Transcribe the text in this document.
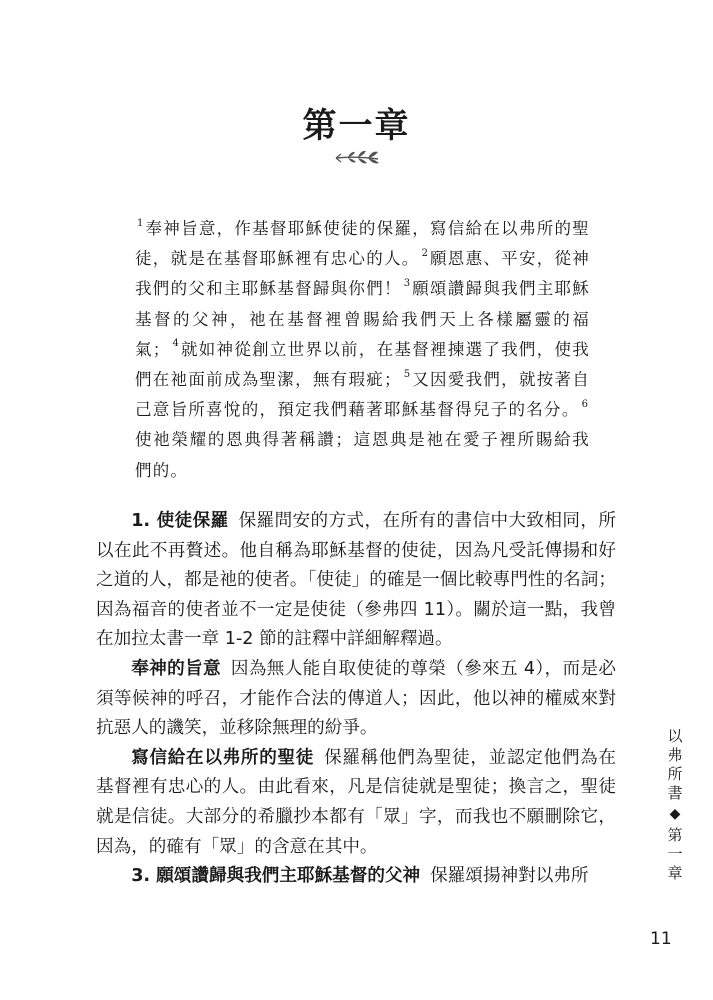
第一章
$^1$ 奉神旨意，作基督耶穌使徒的保羅，寫信給在以弗所的聖徒，就是在基督耶穌裡有忠心的人。 $^2$ 願恩惠、平安，從神我們的父和主耶穌基督歸與你們！ $^3$ 願頌讚歸與我們主耶穌基督的父神，祂在基督裡曾賜給我們天上各樣屬靈的福氣； $^4$ 就如神從創立世界以前，在基督裡揀選了我們，使我們在祂面前成為聖潔，無有瑕疵； $^5$ 又因愛我們，就按著自己意旨所喜悅的，預定我們藉著耶穌基督得兒子的名分。 $^6$使祂榮耀的恩典得著稱讚；這恩典是祂在愛子裡所賜給我們的。

1. 使徒保羅 保羅問安的方式，在所有的書信中大致相同，所以在此不再贅述。他自稱為耶穌基督的使徒，因為凡受託傳揚和好之道的人，都是祂的使者。「使徒」的確是一個比較專門性的名詞；因為福音的使者並不一定是使徒（參弗四 11）。關於這一點，我曾在加拉太書一章 1-2 節的註釋中詳細解釋過。

奉神的旨意 因為無人能自取使徒的尊榮（參來五 4），而是必須等候神的呼召，才能作合法的傳道人；因此，他以神的權威來對抗惡人的譏笑，並移除無理的紛爭。

寫信給在以弗所的聖徒 保羅稱他們為聖徒，並認定他們為在基督裡有忠心的人。由此看來，凡是信徒就是聖徒；換言之，聖徒就是信徒。大部分的希臘抄本都有「眾」字，而我也不願刪除它，因為，的確有「眾」的含意在其中。

3. 願頌讚歸與我們主耶穌基督的父神 保羅頌揚神對以弗所

以弗所書
◆
第一章
11
